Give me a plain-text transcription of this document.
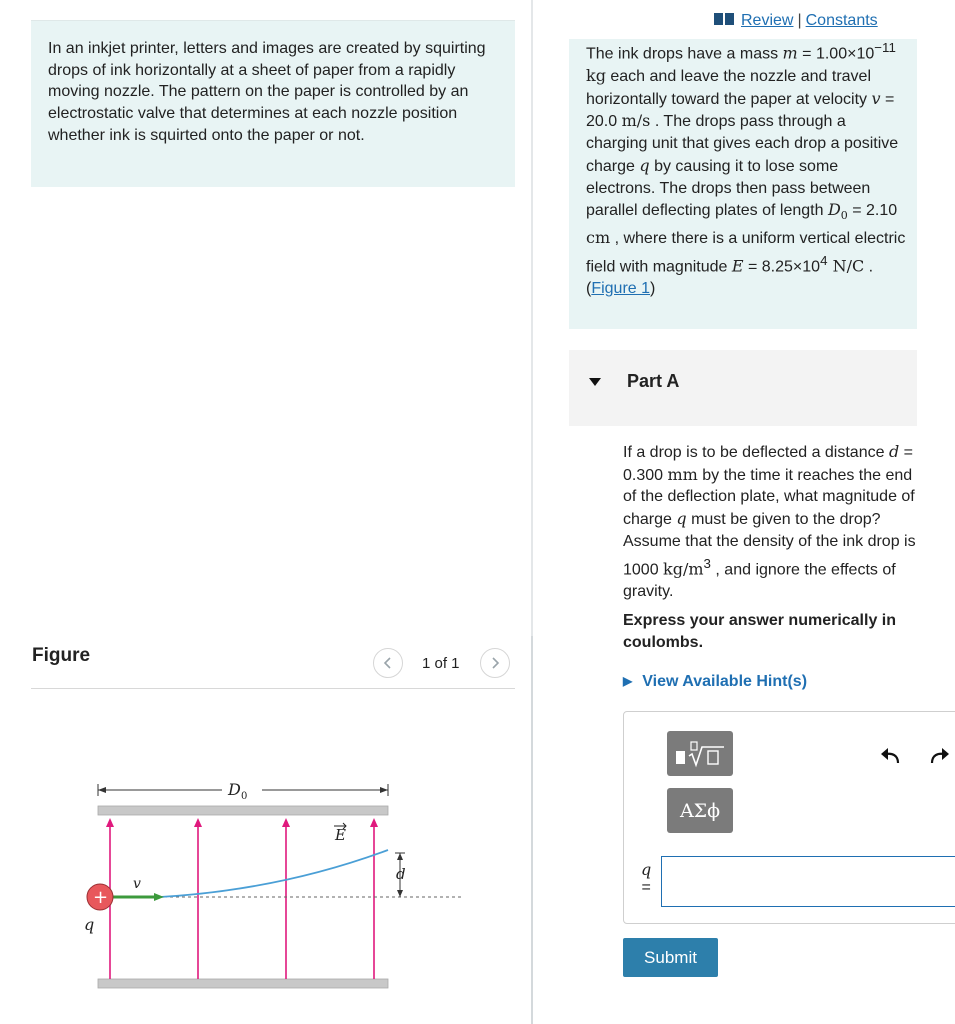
In an inkjet printer, letters and images are created by squirting drops of ink horizontally at a sheet of paper from a rapidly moving nozzle. The pattern on the paper is controlled by an electrostatic valve that determines at each nozzle position whether ink is squirted onto the paper or not.
Figure	1 of 1
D 0
E
v
d
+
q
Review | Constants
The ink drops have a mass $m = 1.00\times 10^{-11}$ kg each and leave the nozzle and travel horizontally toward the paper at velocity v = 20.0 m/s . The drops pass through a charging unit that gives each drop a positive charge q by causing it to lose some electrons. The drops then pass between parallel deflecting plates of length $D_0 = 2.10$ cm , where there is a uniform vertical electric field with magnitude $E = 8.25\times 10^4$ N/C . (Figure 1)
Part A
If a drop is to be deflected a distance d = 0.300 mm by the time it reaches the end of the deflection plate, what magnitude of charge q must be given to the drop? Assume that the density of the ink drop is 1000 $kg/m^3$ , and ignore the effects of gravity.
Express your answer numerically in coulombs.
▶ View Available Hint(s)
ΑΣϕ
q
=
Submit
